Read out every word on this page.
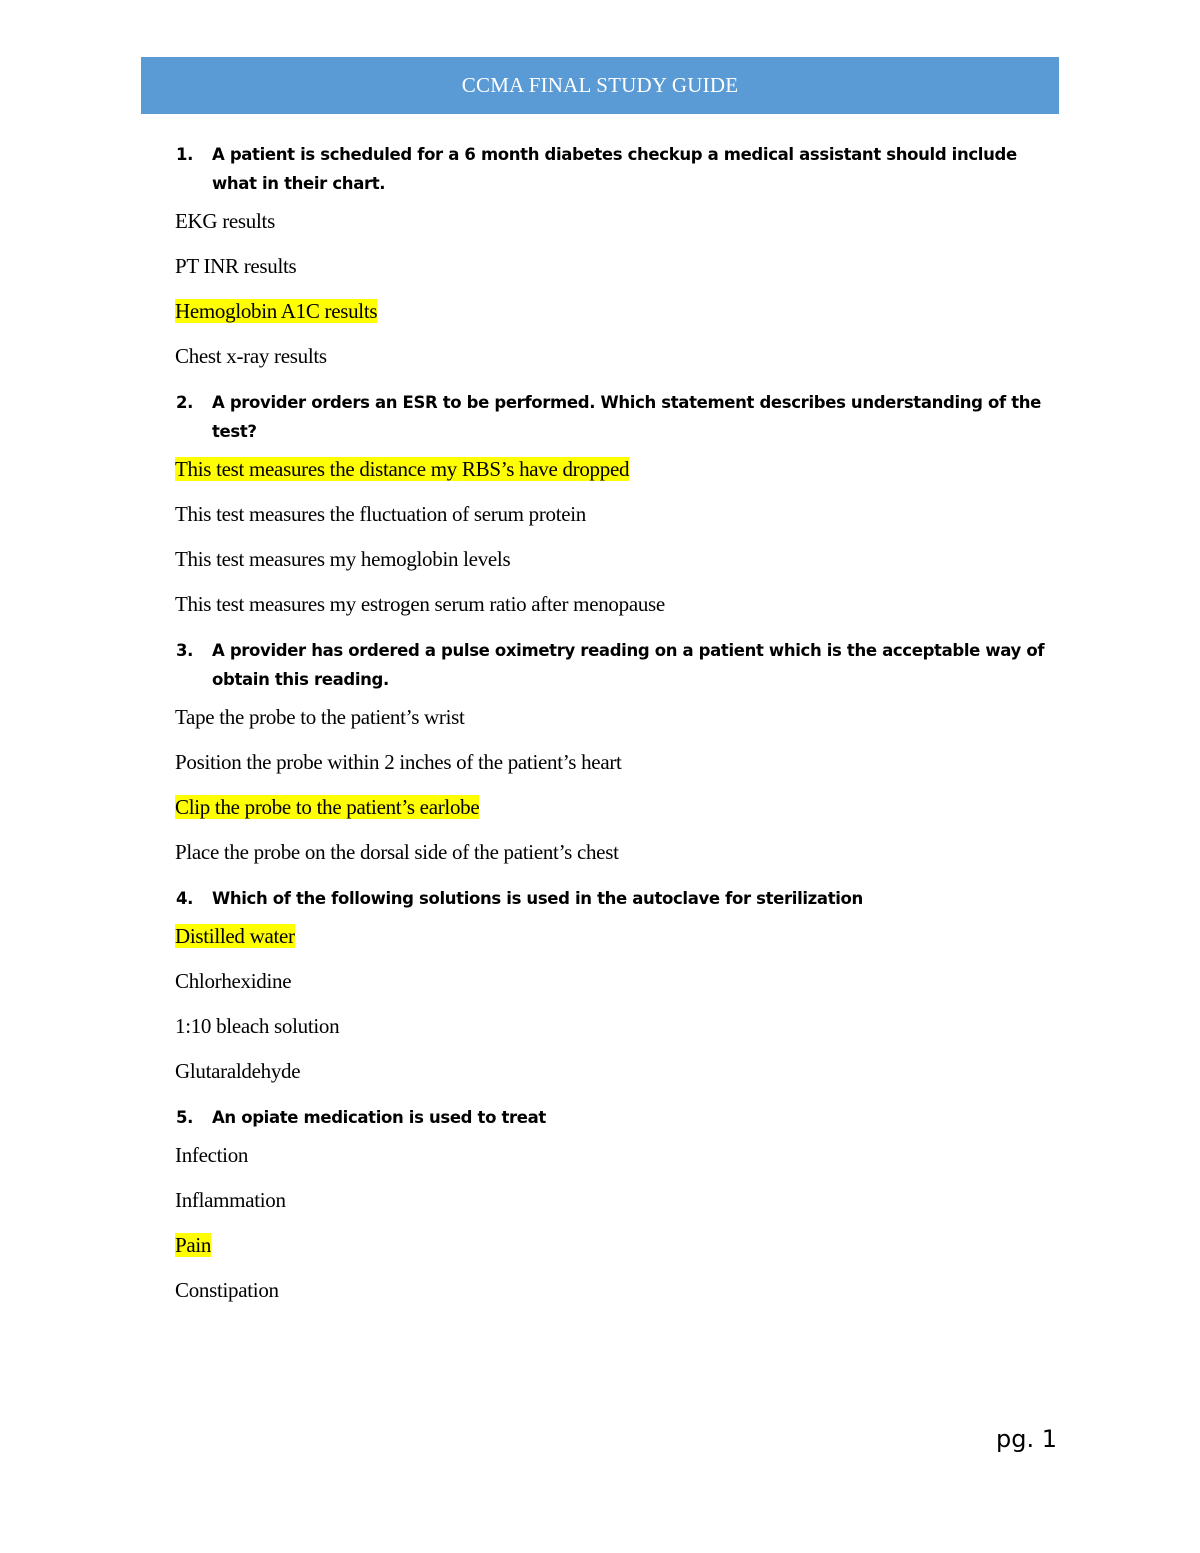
CCMA FINAL STUDY GUIDE
1. A patient is scheduled for a 6 month diabetes checkup a medical assistant should include what in their chart.

EKG results

PT INR results

Hemoglobin A1C results

Chest x-ray results

2. A provider orders an ESR to be performed. Which statement describes understanding of the test?

This test measures the distance my RBS’s have dropped

This test measures the fluctuation of serum protein

This test measures my hemoglobin levels

This test measures my estrogen serum ratio after menopause

3. A provider has ordered a pulse oximetry reading on a patient which is the acceptable way of obtain this reading.

Tape the probe to the patient’s wrist

Position the probe within 2 inches of the patient’s heart

Clip the probe to the patient’s earlobe

Place the probe on the dorsal side of the patient’s chest

4. Which of the following solutions is used in the autoclave for sterilization

Distilled water

Chlorhexidine

1:10 bleach solution

Glutaraldehyde

5. An opiate medication is used to treat

Infection

Inflammation

Pain

Constipation

pg. 1
